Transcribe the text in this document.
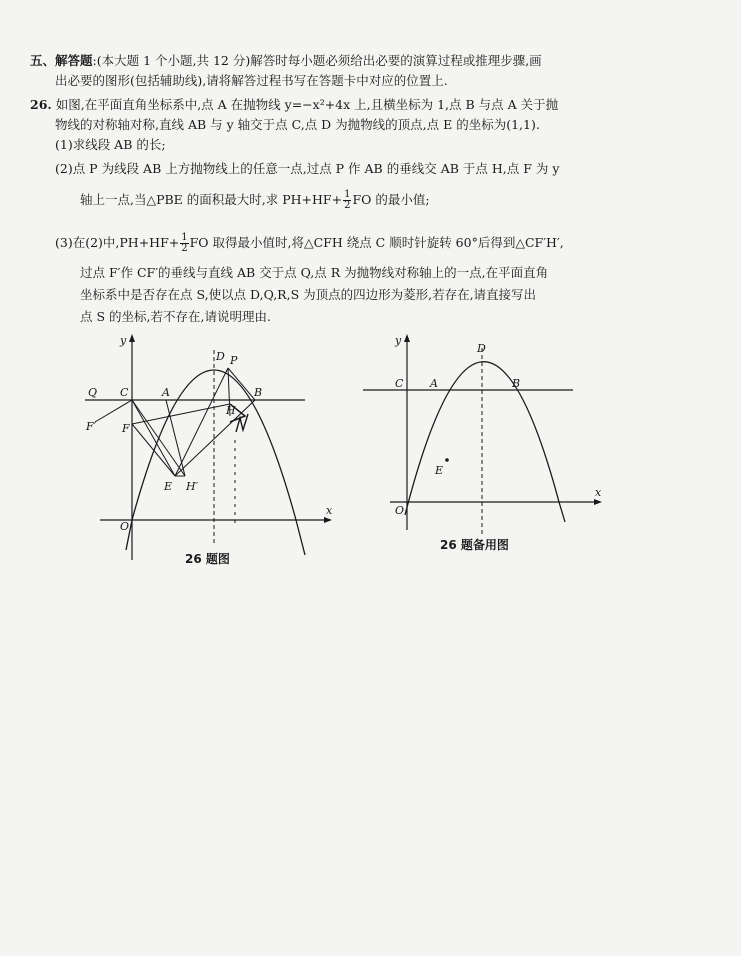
五、解答题:(本大题 1 个小题,共 12 分)解答时每小题必须给出必要的演算过程或推理步骤,画
出必要的图形(包括辅助线),请将解答过程书写在答题卡中对应的位置上.
26. 如图,在平面直角坐标系中,点 A 在抛物线 y=−x²+4x 上,且横坐标为 1,点 B 与点 A 关于抛
物线的对称轴对称,直线 AB 与 y 轴交于点 C,点 D 为抛物线的顶点,点 E 的坐标为(1,1).
(1)求线段 AB 的长;
(2)点 P 为线段 AB 上方抛物线上的任意一点,过点 P 作 AB 的垂线交 AB 于点 H,点 F 为 y
轴上一点,当△PBE 的面积最大时,求 $PH+HF+ \frac{1}{2}$ FO 的最小值;
(3)在(2)中$,PH+HF+ \frac{1}{2}$ FO 取得最小值时,将△CFH 绕点 C 顺时针旋转 60°后得到△CF′H′,
过点 F′作 CF′的垂线与直线 AB 交于点 Q,点 R 为抛物线对称轴上的一点,在平面直角
坐标系中是否存在点 S,使以点 D,Q,R,S 为顶点的四边形为菱形,若存在,请直接写出
点 S 的坐标,若不存在,请说明理由.
y
x
O
Q C	A
D P
B
F′ F
H
E H′
26 题图
y
x
O
C A
D
B
E
26 题备用图
